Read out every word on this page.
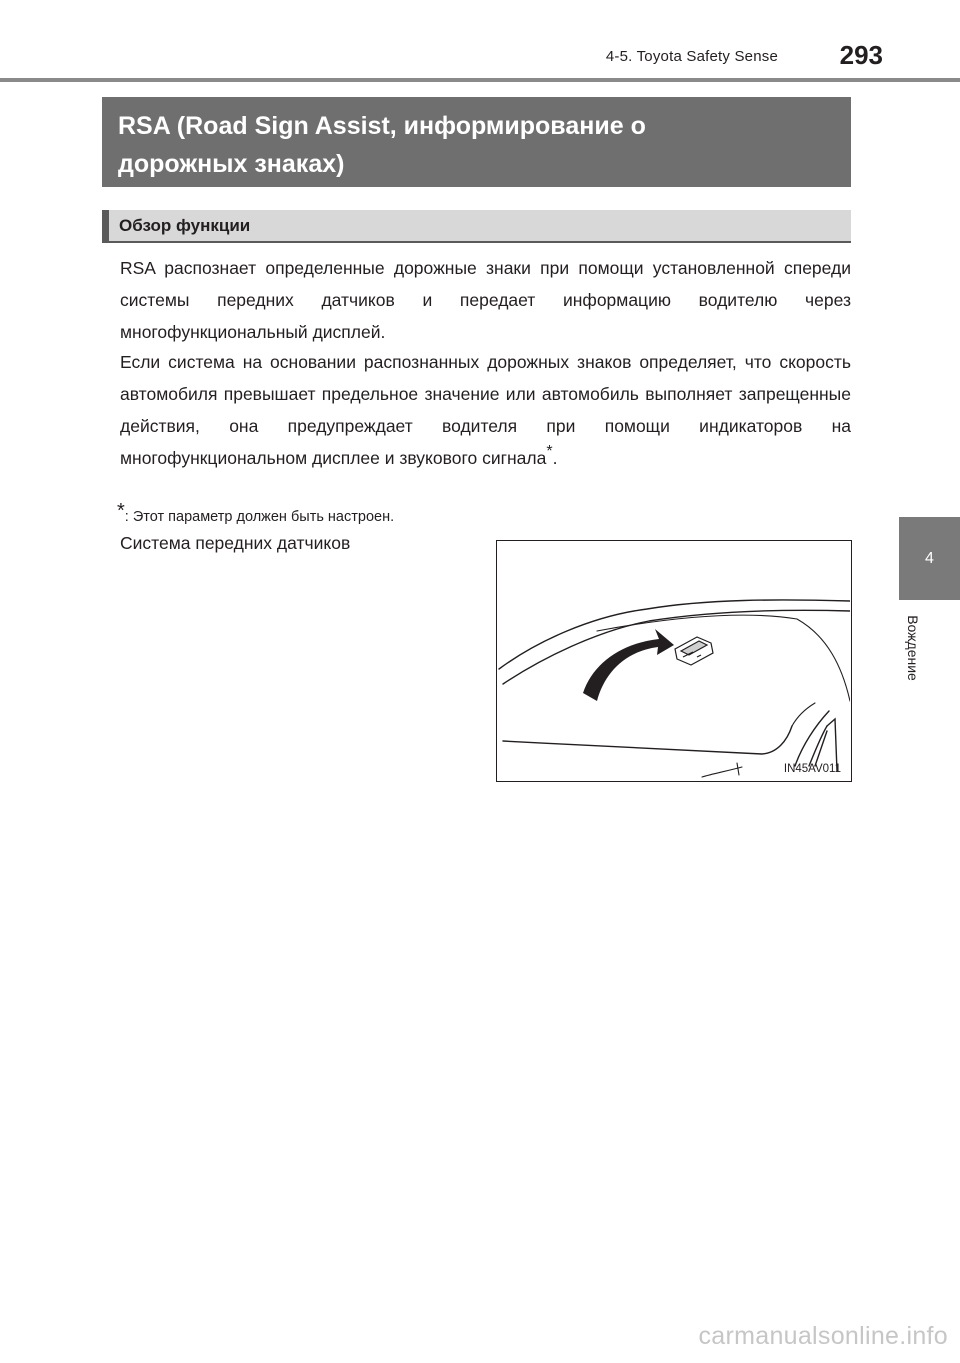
4-5. Toyota Safety Sense 293
4
Вождение
RSA (Road Sign Assist, информирование о
дорожных знаках)
Обзор функции

RSA распознает определенные дорожные знаки при помощи установленной спереди системы передних датчиков и передает информацию водителю через многофункциональный дисплей.

Если система на основании распознанных дорожных знаков определяет, что скорость автомобиля превышает предельное значение или автомобиль выполняет запрещенные действия, она предупреждает водителя при помощи индикаторов на многофункциональном дисплее и звукового сигнала*.

*: Этот параметр должен быть настроен.
Система передних датчиков
IN45AV011
carmanualsonline.info
